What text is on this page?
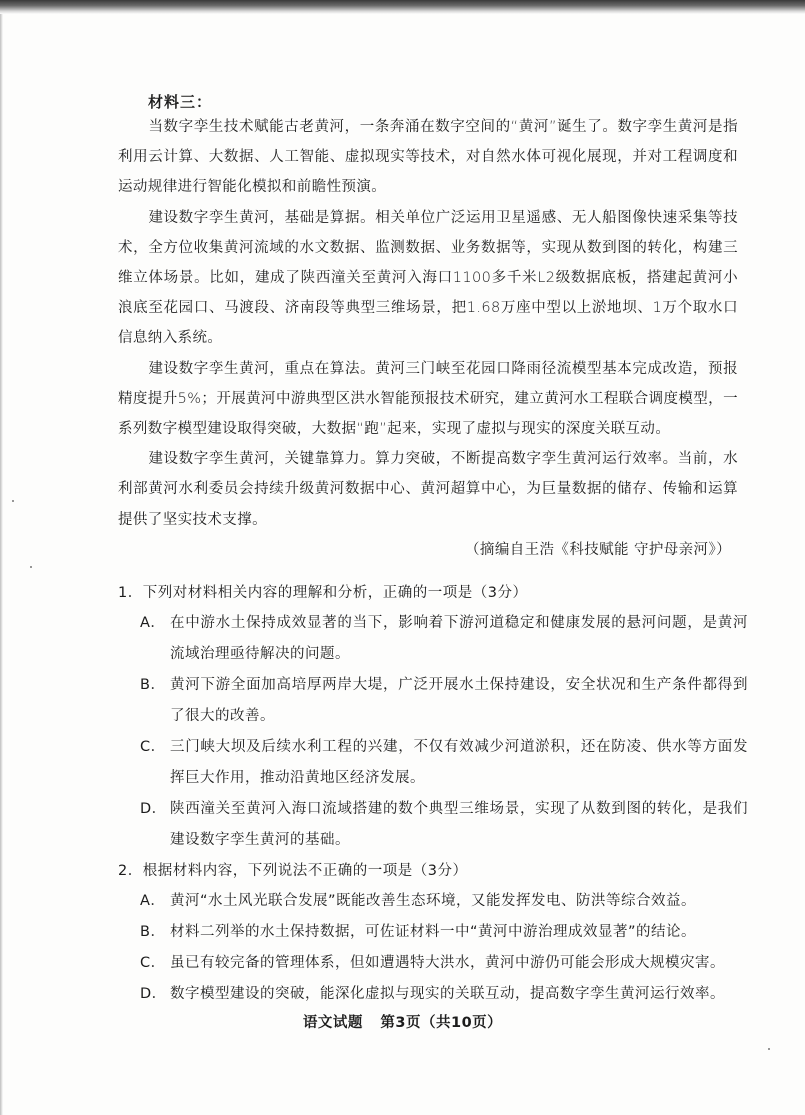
材料三：

当数字孪生技术赋能古老黄河，一条奔涌在数字空间的“黄河”诞生了。数字孪生黄河是指利用云计算、大数据、人工智能、虚拟现实等技术，对自然水体可视化展现，并对工程调度和运动规律进行智能化模拟和前瞻性预演。

建设数字孪生黄河，基础是算据。相关单位广泛运用卫星遥感、无人船图像快速采集等技术，全方位收集黄河流域的水文数据、监测数据、业务数据等，实现从数到图的转化，构建三维立体场景。比如，建成了陕西潼关至黄河入海口1100多千米L2级数据底板，搭建起黄河小浪底至花园口、马渡段、济南段等典型三维场景，把1.68万座中型以上淤地坝、1万个取水口信息纳入系统。

建设数字孪生黄河，重点在算法。黄河三门峡至花园口降雨径流模型基本完成改造，预报精度提升5%；开展黄河中游典型区洪水智能预报技术研究，建立黄河水工程联合调度模型，一系列数字模型建设取得突破，大数据“跑”起来，实现了虚拟与现实的深度关联互动。

建设数字孪生黄河，关键靠算力。算力突破，不断提高数字孪生黄河运行效率。当前，水利部黄河水利委员会持续升级黄河数据中心、黄河超算中心，为巨量数据的储存、传输和运算提供了坚实技术支撑。

（摘编自王浩《科技赋能 守护母亲河》）
1．下列对材料相关内容的理解和分析，正确的一项是（3分）
A． 在中游水土保持成效显著的当下，影响着下游河道稳定和健康发展的悬河问题，是黄河流域治理亟待解决的问题。
B． 黄河下游全面加高培厚两岸大堤，广泛开展水土保持建设，安全状况和生产条件都得到了很大的改善。
C． 三门峡大坝及后续水利工程的兴建，不仅有效减少河道淤积，还在防凌、供水等方面发挥巨大作用，推动沿黄地区经济发展。
D． 陕西潼关至黄河入海口流域搭建的数个典型三维场景，实现了从数到图的转化，是我们建设数字孪生黄河的基础。
2．根据材料内容，下列说法不正确的一项是（3分）
A． 黄河“水土风光联合发展”既能改善生态环境，又能发挥发电、防洪等综合效益。
B． 材料二列举的水土保持数据，可佐证材料一中“黄河中游治理成效显著”的结论。
C． 虽已有较完备的管理体系，但如遭遇特大洪水，黄河中游仍可能会形成大规模灾害。
D． 数字模型建设的突破，能深化虚拟与现实的关联互动，提高数字孪生黄河运行效率。
语文试题 第3页（共10页）
